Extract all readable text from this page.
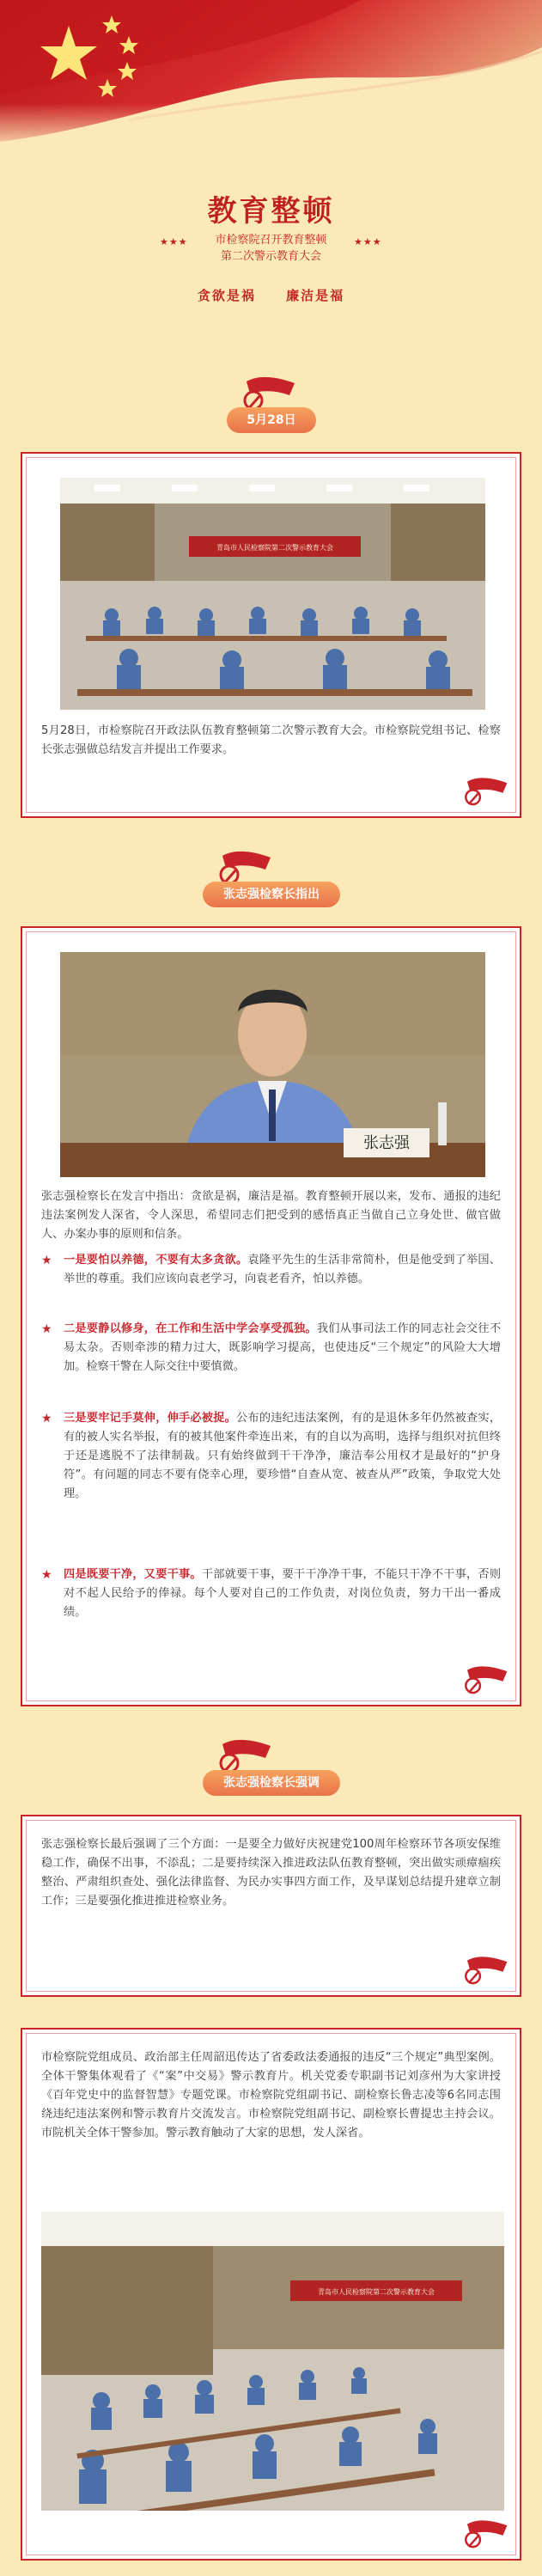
教育整顿
★★★	市检察院召开教育整顿
第二次警示教育大会
★★★
贪欲是祸 廉洁是福
5月28日
青岛市人民检察院第二次警示教育大会
5月28日，市检察院召开政法队伍教育整顿第二次警示教育大会。市检察院党组书记、检察长张志强做总结发言并提出工作要求。
张志强检察长指出
张志强
张志强检察长在发言中指出：贪欲是祸，廉洁是福。教育整顿开展以来，发布、通报的违纪违法案例发人深省，令人深思，希望同志们把受到的感悟真正当做自己立身处世、做官做人、办案办事的原则和信条。
★ 一是要怕以养德，不要有太多贪欲。袁隆平先生的生活非常简朴，但是他受到了举国、举世的尊重。我们应该向袁老学习，向袁老看齐，怕以养德。
★ 二是要静以修身，在工作和生活中学会享受孤独。我们从事司法工作的同志社会交往不易太杂。否则牵涉的精力过大，既影响学习提高，也使违反“三个规定”的风险大大增加。检察干警在人际交往中要慎微。
★ 三是要牢记手莫伸，伸手必被捉。公布的违纪违法案例，有的是退休多年仍然被查实，有的被人实名举报，有的被其他案件牵连出来，有的自以为高明，选择与组织对抗但终于还是逃脱不了法律制裁。只有始终做到干干净净，廉洁奉公用权才是最好的“护身符”。有问题的同志不要有侥幸心理，要珍惜“自查从宽、被查从严”政策，争取党大处理。
★ 四是既要干净，又要干事。干部就要干事，要干干净净干事，不能只干净不干事，否则对不起人民给予的俸禄。每个人要对自己的工作负责，对岗位负责，努力干出一番成绩。
张志强检察长强调
张志强检察长最后强调了三个方面：一是要全力做好庆祝建党100周年检察环节各项安保维稳工作，确保不出事，不添乱；二是要持续深入推进政法队伍教育整顿，突出做实顽瘴痼疾整治、严肃组织查处、强化法律监督、为民办实事四方面工作，及早谋划总结提升建章立制工作；三是要强化推进推进检察业务。
市检察院党组成员、政治部主任周韶迅传达了省委政法委通报的违反“三个规定”典型案例。全体干警集体观看了《“案”中交易》警示教育片。机关党委专职副书记刘彦州为大家讲授《百年党史中的监督智慧》专题党课。市检察院党组副书记、副检察长鲁志凌等6名同志围绕违纪违法案例和警示教育片交流发言。市检察院党组副书记、副检察长曹提忠主持会议。市院机关全体干警参加。警示教育触动了大家的思想，发人深省。
青岛市人民检察院第二次警示教育大会
